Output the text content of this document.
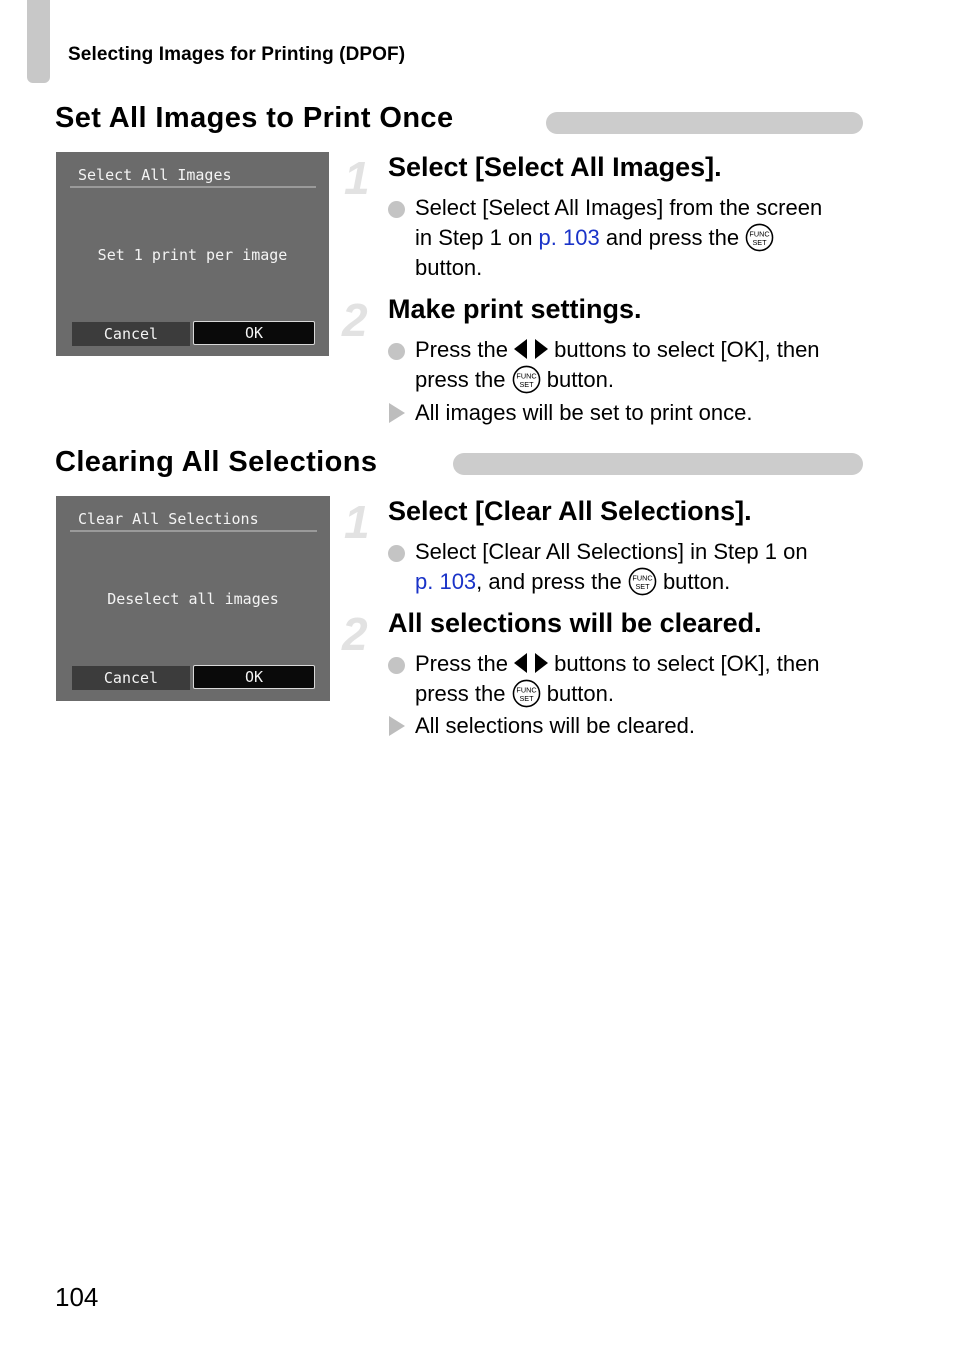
Selecting Images for Printing (DPOF)
Set All Images to Print Once
Select All Images
Set 1 print per image
Cancel	OK
1 Select [Select All Images].
Select [Select All Images] from the screen
in Step 1 on p. 103 and press the
button.
2 Make print settings.
Press the  buttons to select [OK], then
press the  button.
All images will be set to print once.
Clearing All Selections
Clear All Selections
Deselect all images
Cancel	OK
1 Select [Clear All Selections].
Select [Clear All Selections] in Step 1 on
p. 103, and press the  button.
2 All selections will be cleared.
Press the  buttons to select [OK], then
press the  button.
All selections will be cleared.
104
